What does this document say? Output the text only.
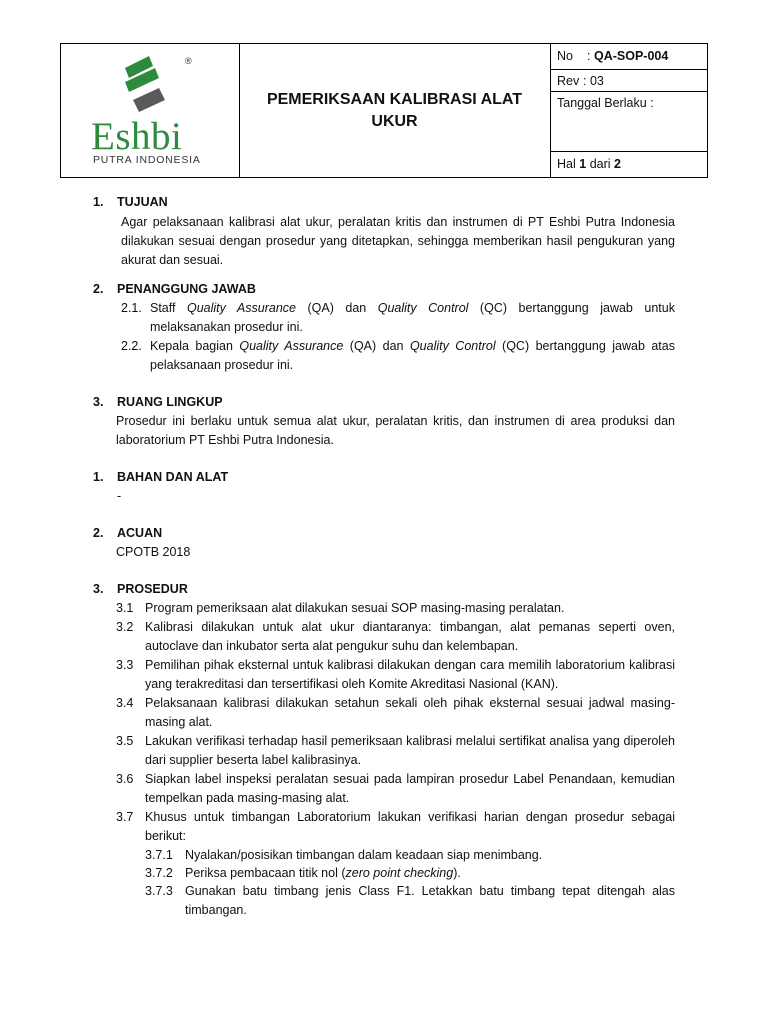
®
Eshbi
PUTRA INDONESIA
PEMERIKSAAN KALIBRASI ALAT UKUR
No : QA-SOP-004
Rev : 03
Tanggal Berlaku :
Hal 1 dari 2
1. TUJUAN
Agar pelaksanaan kalibrasi alat ukur, peralatan kritis dan instrumen di PT Eshbi Putra Indonesia dilakukan sesuai dengan prosedur yang ditetapkan, sehingga memberikan hasil pengukuran yang akurat dan sesuai.
2. PENANGGUNG JAWAB
2.1. Staff Quality Assurance (QA) dan Quality Control (QC) bertanggung jawab untuk melaksanakan prosedur ini.
2.2. Kepala bagian Quality Assurance (QA) dan Quality Control (QC) bertanggung jawab atas pelaksanaan prosedur ini.
3. RUANG LINGKUP
Prosedur ini berlaku untuk semua alat ukur, peralatan kritis, dan instrumen di area produksi dan laboratorium PT Eshbi Putra Indonesia.
1. BAHAN DAN ALAT
-
2. ACUAN
CPOTB 2018
3. PROSEDUR
3.1 Program pemeriksaan alat dilakukan sesuai SOP masing-masing peralatan.
3.2 Kalibrasi dilakukan untuk alat ukur diantaranya: timbangan, alat pemanas seperti oven, autoclave dan inkubator serta alat pengukur suhu dan kelembapan.
3.3 Pemilihan pihak eksternal untuk kalibrasi dilakukan dengan cara memilih laboratorium kalibrasi yang terakreditasi dan tersertifikasi oleh Komite Akreditasi Nasional (KAN).
3.4 Pelaksanaan kalibrasi dilakukan setahun sekali oleh pihak eksternal sesuai jadwal masing-masing alat.
3.5 Lakukan verifikasi terhadap hasil pemeriksaan kalibrasi melalui sertifikat analisa yang diperoleh dari supplier beserta label kalibrasinya.
3.6 Siapkan label inspeksi peralatan sesuai pada lampiran prosedur Label Penandaan, kemudian tempelkan pada masing-masing alat.
3.7 Khusus untuk timbangan Laboratorium lakukan verifikasi harian dengan prosedur sebagai berikut:
3.7.1 Nyalakan/posisikan timbangan dalam keadaan siap menimbang.
3.7.2 Periksa pembacaan titik nol (zero point checking).
3.7.3 Gunakan batu timbang jenis Class F1. Letakkan batu timbang tepat ditengah alas timbangan.
